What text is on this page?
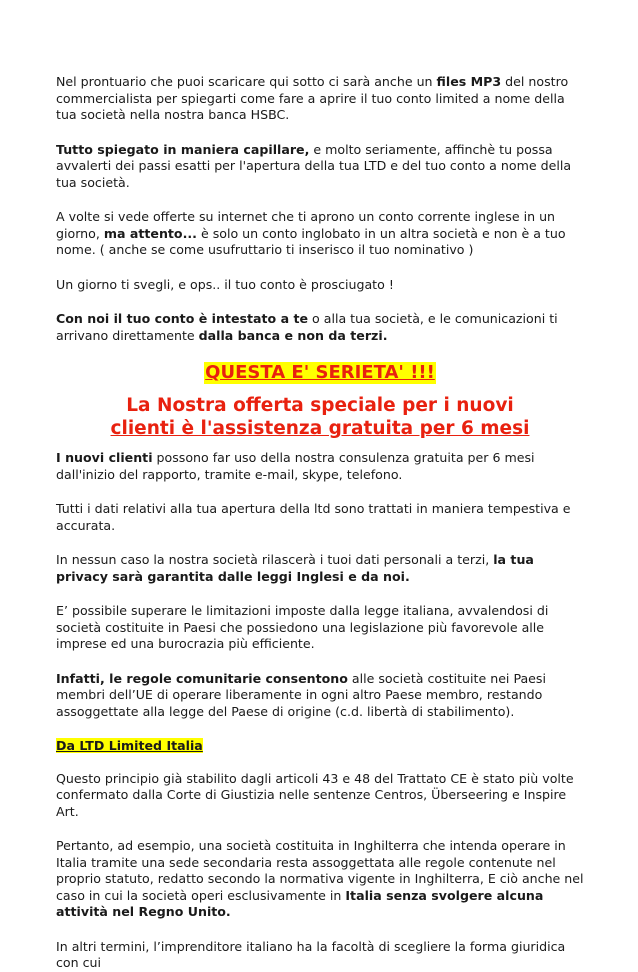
Nel prontuario che puoi scaricare qui sotto ci sarà anche un files MP3 del nostro commercialista per spiegarti come fare a aprire il tuo conto limited a nome della tua società nella nostra banca HSBC.

Tutto spiegato in maniera capillare, e molto seriamente, affinchè tu possa avvalerti dei passi esatti per l'apertura della tua LTD e del tuo conto a nome della tua società.

A volte si vede offerte su internet che ti aprono un conto corrente inglese in un giorno, ma attento... è solo un conto inglobato in un altra società e non è a tuo nome. ( anche se come usufruttario ti inserisco il tuo nominativo )

Un giorno ti svegli, e ops.. il tuo conto è prosciugato !

Con noi il tuo conto è intestato a te o alla tua società, e le comunicazioni ti arrivano direttamente dalla banca e non da terzi.

QUESTA E' SERIETA' !!!
La Nostra offerta speciale per i nuovi
clienti è l'assistenza gratuita per 6 mesi

I nuovi clienti possono far uso della nostra consulenza gratuita per 6 mesi dall'inizio del rapporto, tramite e-mail, skype, telefono.

Tutti i dati relativi alla tua apertura della ltd sono trattati in maniera tempestiva e accurata.

In nessun caso la nostra società rilascerà i tuoi dati personali a terzi, la tua privacy sarà garantita dalle leggi Inglesi e da noi.

E’ possibile superare le limitazioni imposte dalla legge italiana, avvalendosi di società costituite in Paesi che possiedono una legislazione più favorevole alle imprese ed una burocrazia più efficiente.

Infatti, le regole comunitarie consentono alle società costituite nei Paesi membri dell’UE di operare liberamente in ogni altro Paese membro, restando assoggettate alla legge del Paese di origine (c.d. libertà di stabilimento).

Da LTD Limited Italia

Questo principio già stabilito dagli articoli 43 e 48 del Trattato CE è stato più volte confermato dalla Corte di Giustizia nelle sentenze Centros, Überseering e Inspire Art.

Pertanto, ad esempio, una società costituita in Inghilterra che intenda operare in Italia tramite una sede secondaria resta assoggettata alle regole contenute nel proprio statuto, redatto secondo la normativa vigente in Inghilterra, E ciò anche nel caso in cui la società operi esclusivamente in Italia senza svolgere alcuna attività nel Regno Unito.

In altri termini, l’imprenditore italiano ha la facoltà di scegliere la forma giuridica con cui
